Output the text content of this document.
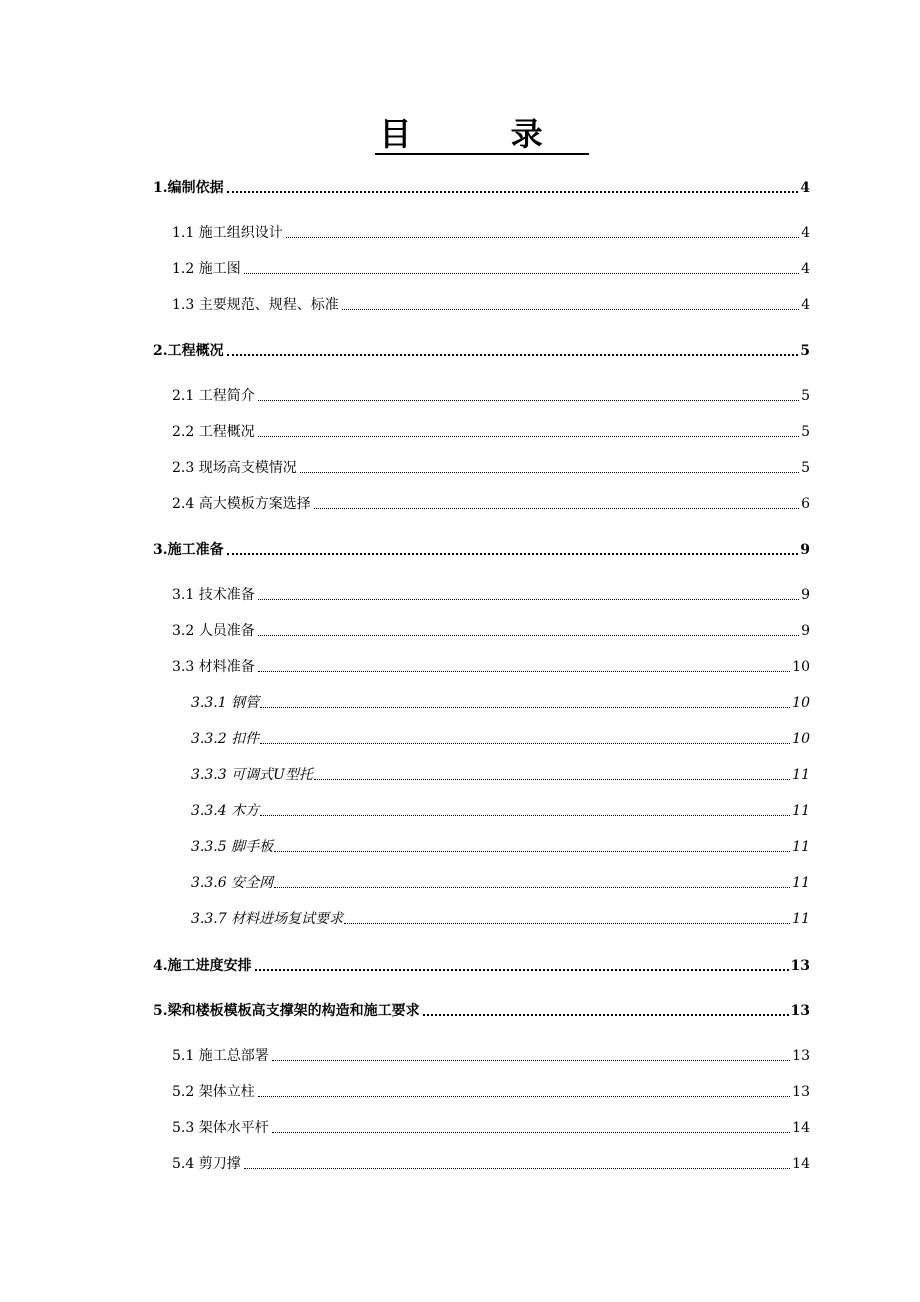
目 录
1.编制依据	4
1.1 施工组织设计	4
1.2 施工图	4
1.3 主要规范、规程、标准	4
2.工程概况	5
2.1 工程简介	5
2.2 工程概况	5
2.3 现场高支模情况	5
2.4 高大模板方案选择	6
3.施工准备	9
3.1 技术准备	9
3.2 人员准备	9
3.3 材料准备	10
3.3.1 钢管	10
3.3.2 扣件	10
3.3.3 可调式U型托	11
3.3.4 木方	11
3.3.5 脚手板	11
3.3.6 安全网	11
3.3.7 材料进场复试要求	11
4.施工进度安排	13
5.梁和楼板模板高支撑架的构造和施工要求	13
5.1 施工总部署	13
5.2 架体立柱	13
5.3 架体水平杆	14
5.4 剪刀撑	14
